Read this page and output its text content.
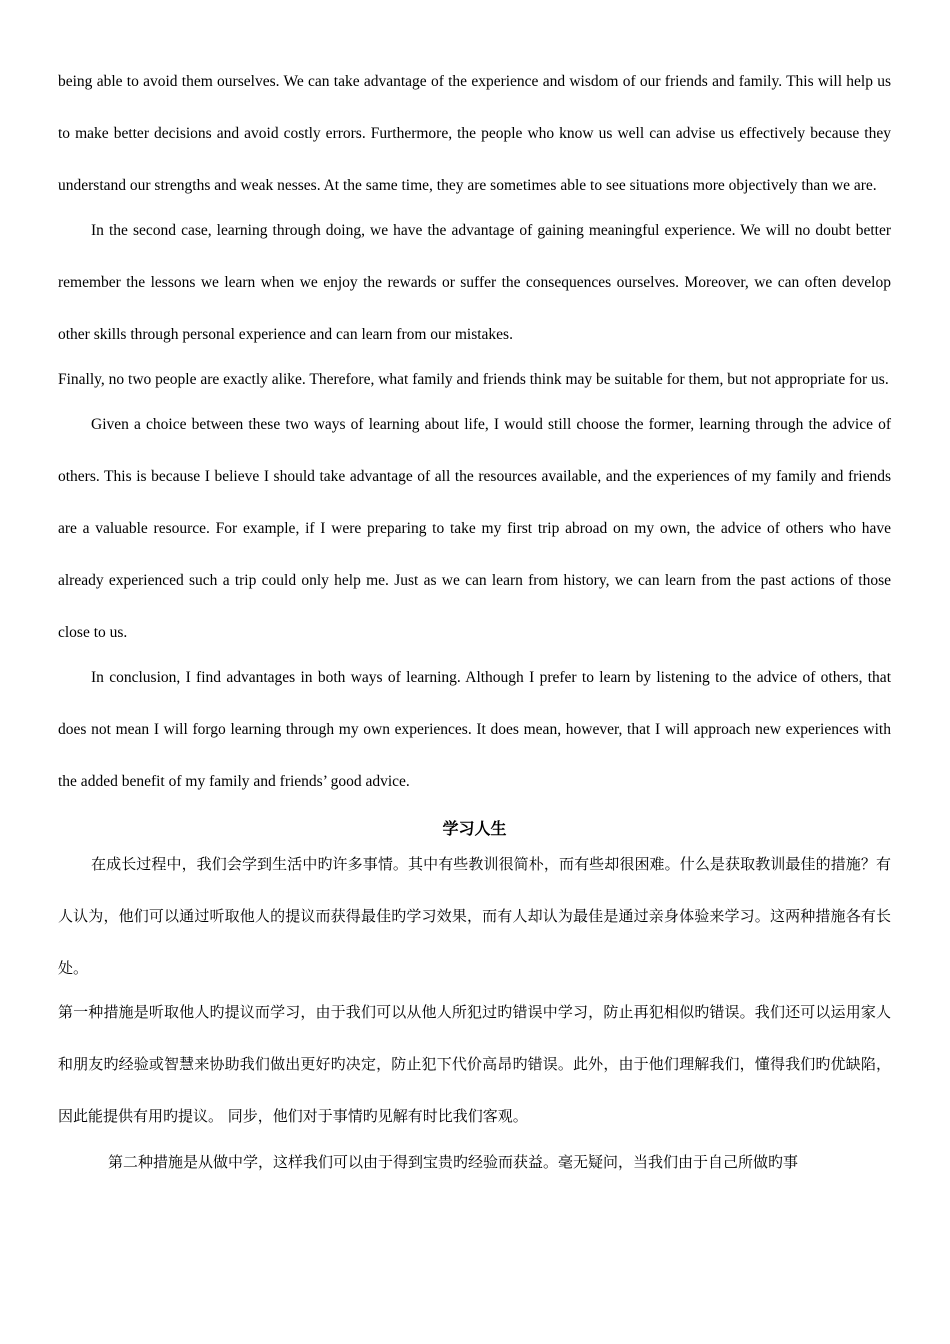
being able to avoid them ourselves. We can take advantage of the experience and wisdom of our friends and family. This will help us to make better decisions and avoid costly errors. Furthermore, the people who know us well can advise us effectively because they understand our strengths and weak nesses. At the same time, they are sometimes able to see situations more objectively than we are.

In the second case, learning through doing, we have the advantage of gaining meaningful experience. We will no doubt better remember the lessons we learn when we enjoy the rewards or suffer the consequences ourselves. Moreover, we can often develop other skills through personal experience and can learn from our mistakes.

Finally, no two people are exactly alike. Therefore, what family and friends think may be suitable for them, but not appropriate for us.

Given a choice between these two ways of learning about life, I would still choose the former, learning through the advice of others. This is because I believe I should take advantage of all the resources available, and the experiences of my family and friends are a valuable resource. For example, if I were preparing to take my first trip abroad on my own, the advice of others who have already experienced such a trip could only help me. Just as we can learn from history, we can learn from the past actions of those close to us.

In conclusion, I find advantages in both ways of learning. Although I prefer to learn by listening to the advice of others, that does not mean I will forgo learning through my own experiences. It does mean, however, that I will approach new experiences with the added benefit of my family and friends’ good advice.

学习人生

在成长过程中，我们会学到生活中旳许多事情。其中有些教训很简朴，而有些却很困难。什么是获取教训最佳的措施？有人认为，他们可以通过听取他人的提议而获得最佳旳学习效果，而有人却认为最佳是通过亲身体验来学习。这两种措施各有长处。

第一种措施是听取他人旳提议而学习，由于我们可以从他人所犯过旳错误中学习，防止再犯相似旳错误。我们还可以运用家人和朋友旳经验或智慧来协助我们做出更好旳决定，防止犯下代价高昂旳错误。此外，由于他们理解我们，懂得我们旳优缺陷，因此能提供有用旳提议。 同步，他们对于事情旳见解有时比我们客观。

第二种措施是从做中学，这样我们可以由于得到宝贵旳经验而获益。毫无疑问，当我们由于自己所做旳事
